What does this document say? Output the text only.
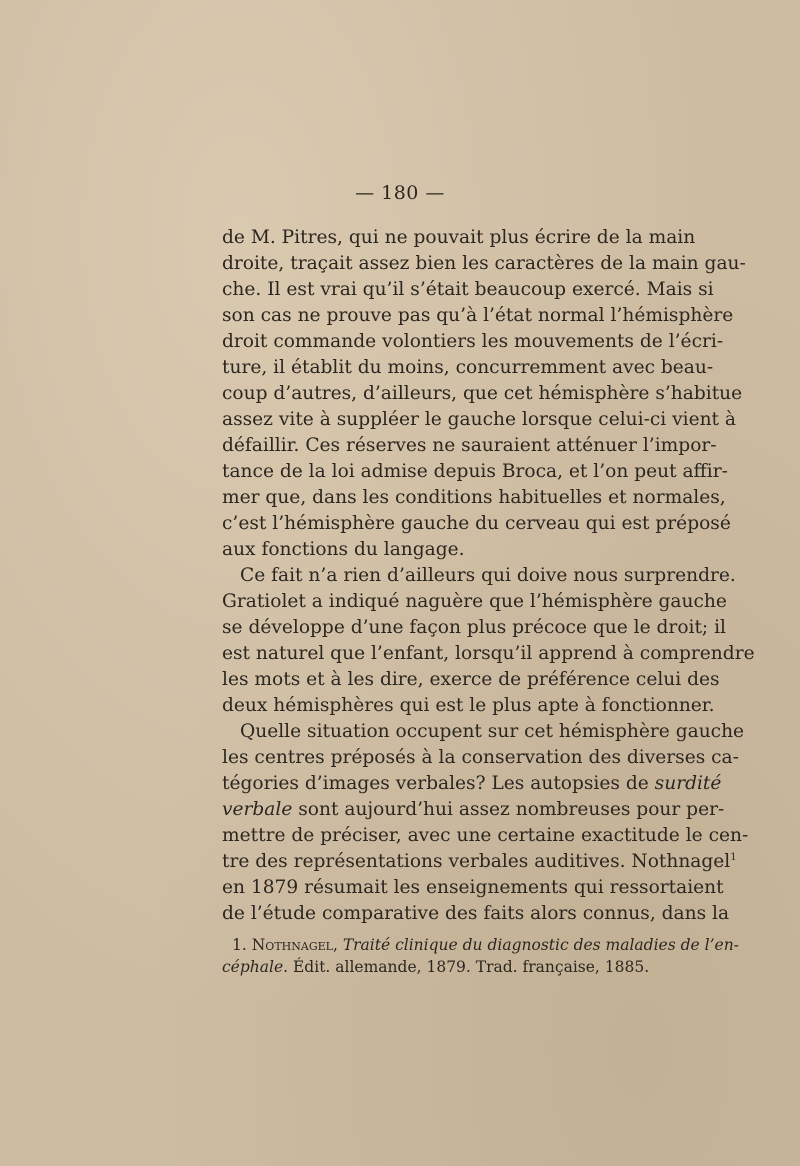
— 180 —
de M. Pitres, qui ne pouvait plus écrire de la main
droite, traçait assez bien les caractères de la main gau-
che. Il est vrai qu’il s’était beaucoup exercé. Mais si
son cas ne prouve pas qu’à l’état normal l’hémisphère
droit commande volontiers les mouvements de l’écri-
ture, il établit du moins, concurremment avec beau-
coup d’autres, d’ailleurs, que cet hémisphère s’habitue
assez vite à suppléer le gauche lorsque celui-ci vient à
défaillir. Ces réserves ne sauraient atténuer l’impor-
tance de la loi admise depuis Broca, et l’on peut affir-
mer que, dans les conditions habituelles et normales,
c’est l’hémisphère gauche du cerveau qui est préposé
aux fonctions du langage.
Ce fait n’a rien d’ailleurs qui doive nous surprendre.
Gratiolet a indiqué naguère que l’hémisphère gauche
se développe d’une façon plus précoce que le droit; il
est naturel que l’enfant, lorsqu’il apprend à comprendre
les mots et à les dire, exerce de préférence celui des
deux hémisphères qui est le plus apte à fonctionner.
Quelle situation occupent sur cet hémisphère gauche
les centres préposés à la conservation des diverses ca-
tégories d’images verbales? Les autopsies de surdité
verbale sont aujourd’hui assez nombreuses pour per-
mettre de préciser, avec une certaine exactitude le cen-
tre des représentations verbales auditives. Nothnagel$^1$
en 1879 résumait les enseignements qui ressortaient
de l’étude comparative des faits alors connus, dans la
1. Nothnagel, Traité clinique du diagnostic des maladies de l’en-
céphale. Édit. allemande, 1879. Trad. française, 1885.
